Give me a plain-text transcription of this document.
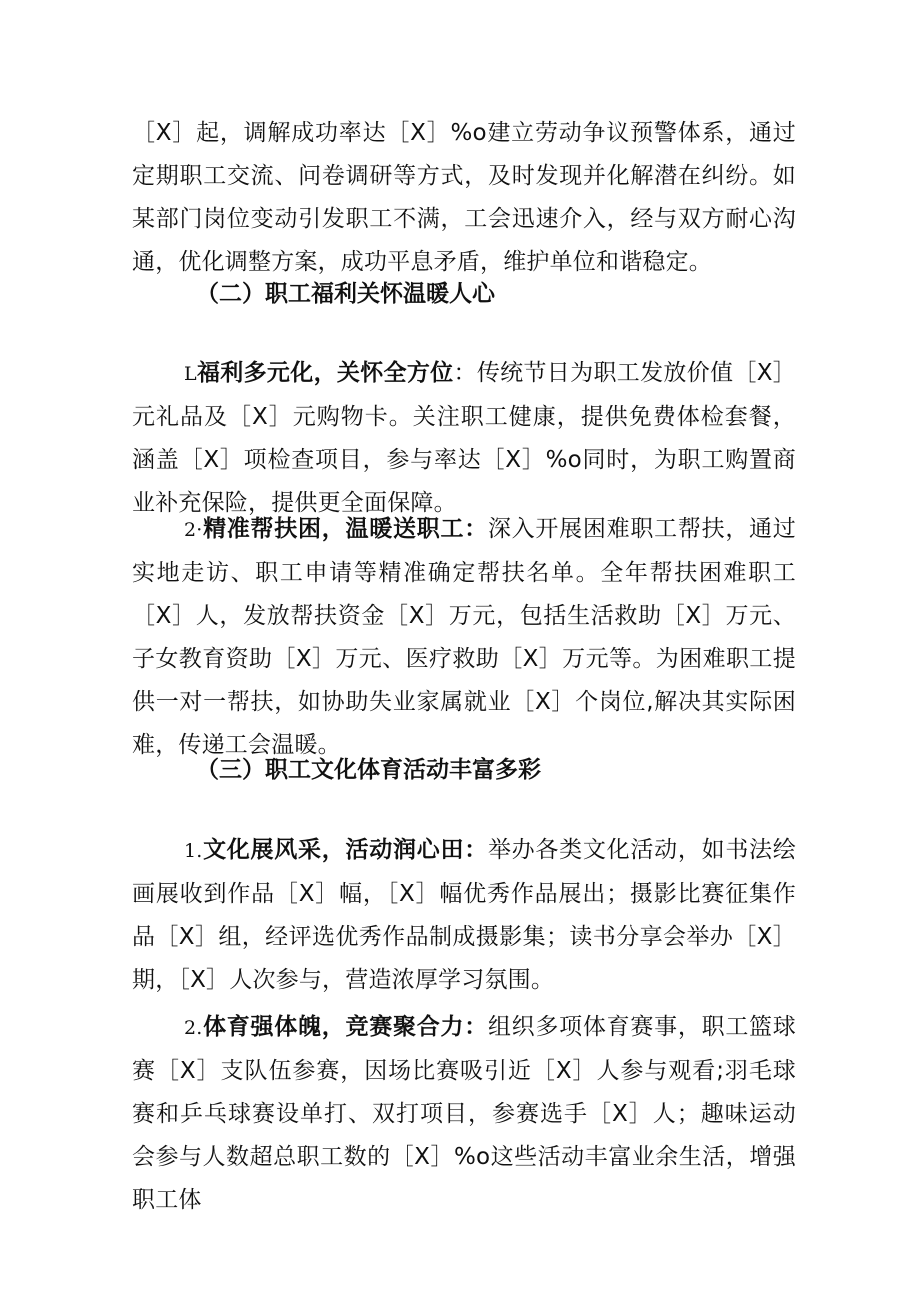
［X］起，调解成功率达［X］%o建立劳动争议预警体系，通过定期职工交流、问卷调研等方式，及时发现并化解潜在纠纷。如某部门岗位变动引发职工不满，工会迅速介入，经与双方耐心沟通，优化调整方案，成功平息矛盾，维护单位和谐稳定。

（二）职工福利关怀温暖人心

L福利多元化，关怀全方位：传统节日为职工发放价值［X］元礼品及［X］元购物卡。关注职工健康，提供免费体检套餐，涵盖［X］项检查项目，参与率达［X］%o同时，为职工购置商业补充保险，提供更全面保障。

2·精准帮扶困，温暖送职工：深入开展困难职工帮扶，通过实地走访、职工申请等精准确定帮扶名单。全年帮扶困难职工［X］人，发放帮扶资金［X］万元，包括生活救助［X］万元、子女教育资助［X］万元、医疗救助［X］万元等。为困难职工提供一对一帮扶，如协助失业家属就业［X］个岗位,解决其实际困难，传递工会温暖。

（三）职工文化体育活动丰富多彩

1.文化展风采，活动润心田：举办各类文化活动，如书法绘画展收到作品［X］幅，［X］幅优秀作品展出；摄影比赛征集作品［X］组，经评选优秀作品制成摄影集；读书分享会举办［X］期，［X］人次参与，营造浓厚学习氛围。

2.体育强体魄，竞赛聚合力：组织多项体育赛事，职工篮球赛［X］支队伍参赛，因场比赛吸引近［X］人参与观看;羽毛球赛和乒乓球赛设单打、双打项目，参赛选手［X］人；趣味运动会参与人数超总职工数的［X］%o这些活动丰富业余生活，增强职工体
